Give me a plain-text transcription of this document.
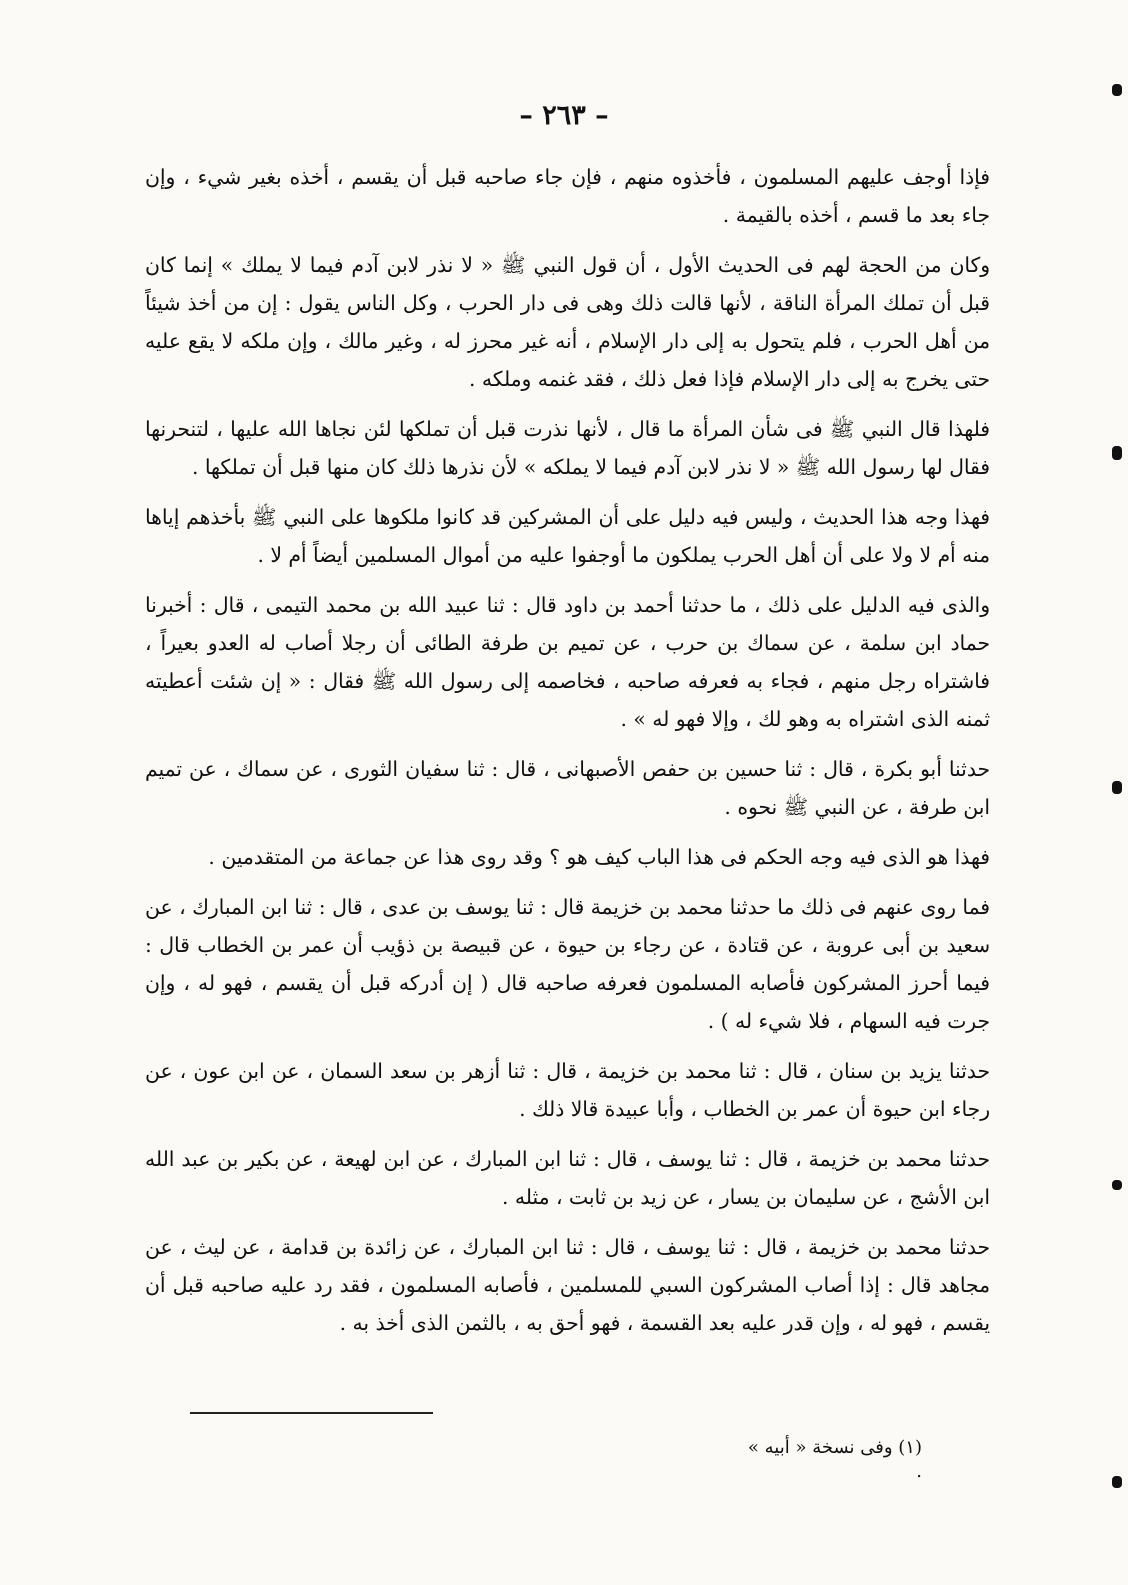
– ٢٦٣ –

فإذا أوجف عليهم المسلمون ، فأخذوه منهم ، فإن جاء صاحبه قبل أن يقسم ، أخذه بغير شيء ، وإن جاء بعد ما قسم ، أخذه بالقيمة .

وكان من الحجة لهم فى الحديث الأول ، أن قول النبي ﷺ « لا نذر لابن آدم فيما لا يملك » إنما كان قبل أن تملك المرأة الناقة ، لأنها قالت ذلك وهى فى دار الحرب ، وكل الناس يقول : إن من أخذ شيئاً من أهل الحرب ، فلم يتحول به إلى دار الإسلام ، أنه غير محرز له ، وغير مالك ، وإن ملكه لا يقع عليه حتى يخرج به إلى دار الإسلام فإذا فعل ذلك ، فقد غنمه وملكه .

فلهذا قال النبي ﷺ فى شأن المرأة ما قال ، لأنها نذرت قبل أن تملكها لئن نجاها الله عليها ، لتنحرنها فقال لها رسول الله ﷺ « لا نذر لابن آدم فيما لا يملكه » لأن نذرها ذلك كان منها قبل أن تملكها .

فهذا وجه هذا الحديث ، وليس فيه دليل على أن المشركين قد كانوا ملكوها على النبي ﷺ بأخذهم إياها منه أم لا ولا على أن أهل الحرب يملكون ما أوجفوا عليه من أموال المسلمين أيضاً أم لا .

والذى فيه الدليل على ذلك ، ما حدثنا أحمد بن داود قال : ثنا عبيد الله بن محمد التيمى ، قال : أخبرنا حماد ابن سلمة ، عن سماك بن حرب ، عن تميم بن طرفة الطائى أن رجلا أصاب له العدو بعيراً ، فاشتراه رجل منهم ، فجاء به فعرفه صاحبه ، فخاصمه إلى رسول الله ﷺ فقال : « إن شئت أعطيته ثمنه الذى اشتراه به وهو لك ، وإلا فهو له » .

حدثنا أبو بكرة ، قال : ثنا حسين بن حفص الأصبهانى ، قال : ثنا سفيان الثورى ، عن سماك ، عن تميم ابن طرفة ، عن النبي ﷺ نحوه .

فهذا هو الذى فيه وجه الحكم فى هذا الباب كيف هو ؟ وقد روى هذا عن جماعة من المتقدمين .

فما روى عنهم فى ذلك ما حدثنا محمد بن خزيمة قال : ثنا يوسف بن عدى ، قال : ثنا ابن المبارك ، عن سعيد بن أبى عروبة ، عن قتادة ، عن رجاء بن حيوة ، عن قبيصة بن ذؤيب أن عمر بن الخطاب قال : فيما أحرز المشركون فأصابه المسلمون فعرفه صاحبه قال ( إن أدركه قبل أن يقسم ، فهو له ، وإن جرت فيه السهام ، فلا شيء له ) .

حدثنا يزيد بن سنان ، قال : ثنا محمد بن خزيمة ، قال : ثنا أزهر بن سعد السمان ، عن ابن عون ، عن رجاء ابن حيوة أن عمر بن الخطاب ، وأبا عبيدة قالا ذلك .

حدثنا محمد بن خزيمة ، قال : ثنا يوسف ، قال : ثنا ابن المبارك ، عن ابن لهيعة ، عن بكير بن عبد الله ابن الأشج ، عن سليمان بن يسار ، عن زيد بن ثابت ، مثله .

حدثنا محمد بن خزيمة ، قال : ثنا يوسف ، قال : ثنا ابن المبارك ، عن زائدة بن قدامة ، عن ليث ، عن مجاهد قال : إذا أصاب المشركون السبي للمسلمين ، فأصابه المسلمون ، فقد رد عليه صاحبه قبل أن يقسم ، فهو له ، وإن قدر عليه بعد القسمة ، فهو أحق به ، بالثمن الذى أخذ به .

(١) وفى نسخة « أبيه » .
